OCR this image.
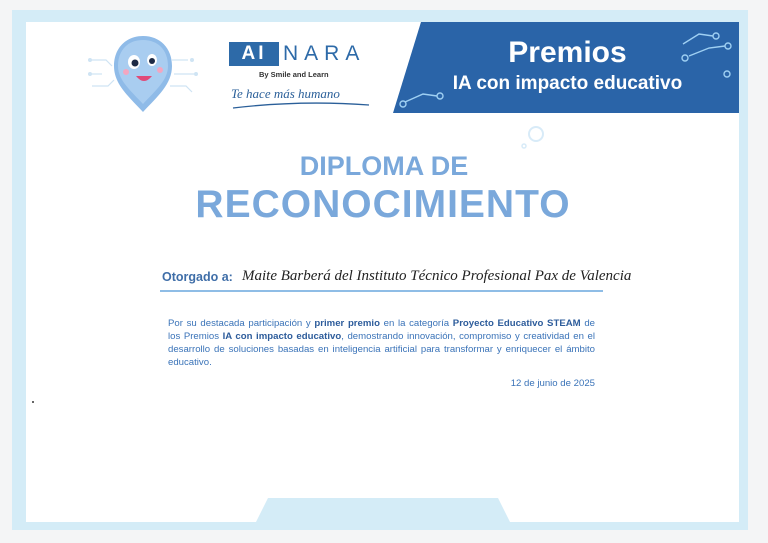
AI NARA
By Smile and Learn
Te hace más humano
Premios
IA con impacto educativo
DIPLOMA DE
RECONOCIMIENTO
Otorgado a: Maite Barberá del Instituto Técnico Profesional Pax de Valencia
Por su destacada participación y primer premio en la categoría Proyecto Educativo STEAM de los Premios IA con impacto educativo, demostrando innovación, compromiso y creatividad en el desarrollo de soluciones basadas en inteligencia artificial para transformar y enriquecer el ámbito educativo.
12 de junio de 2025
